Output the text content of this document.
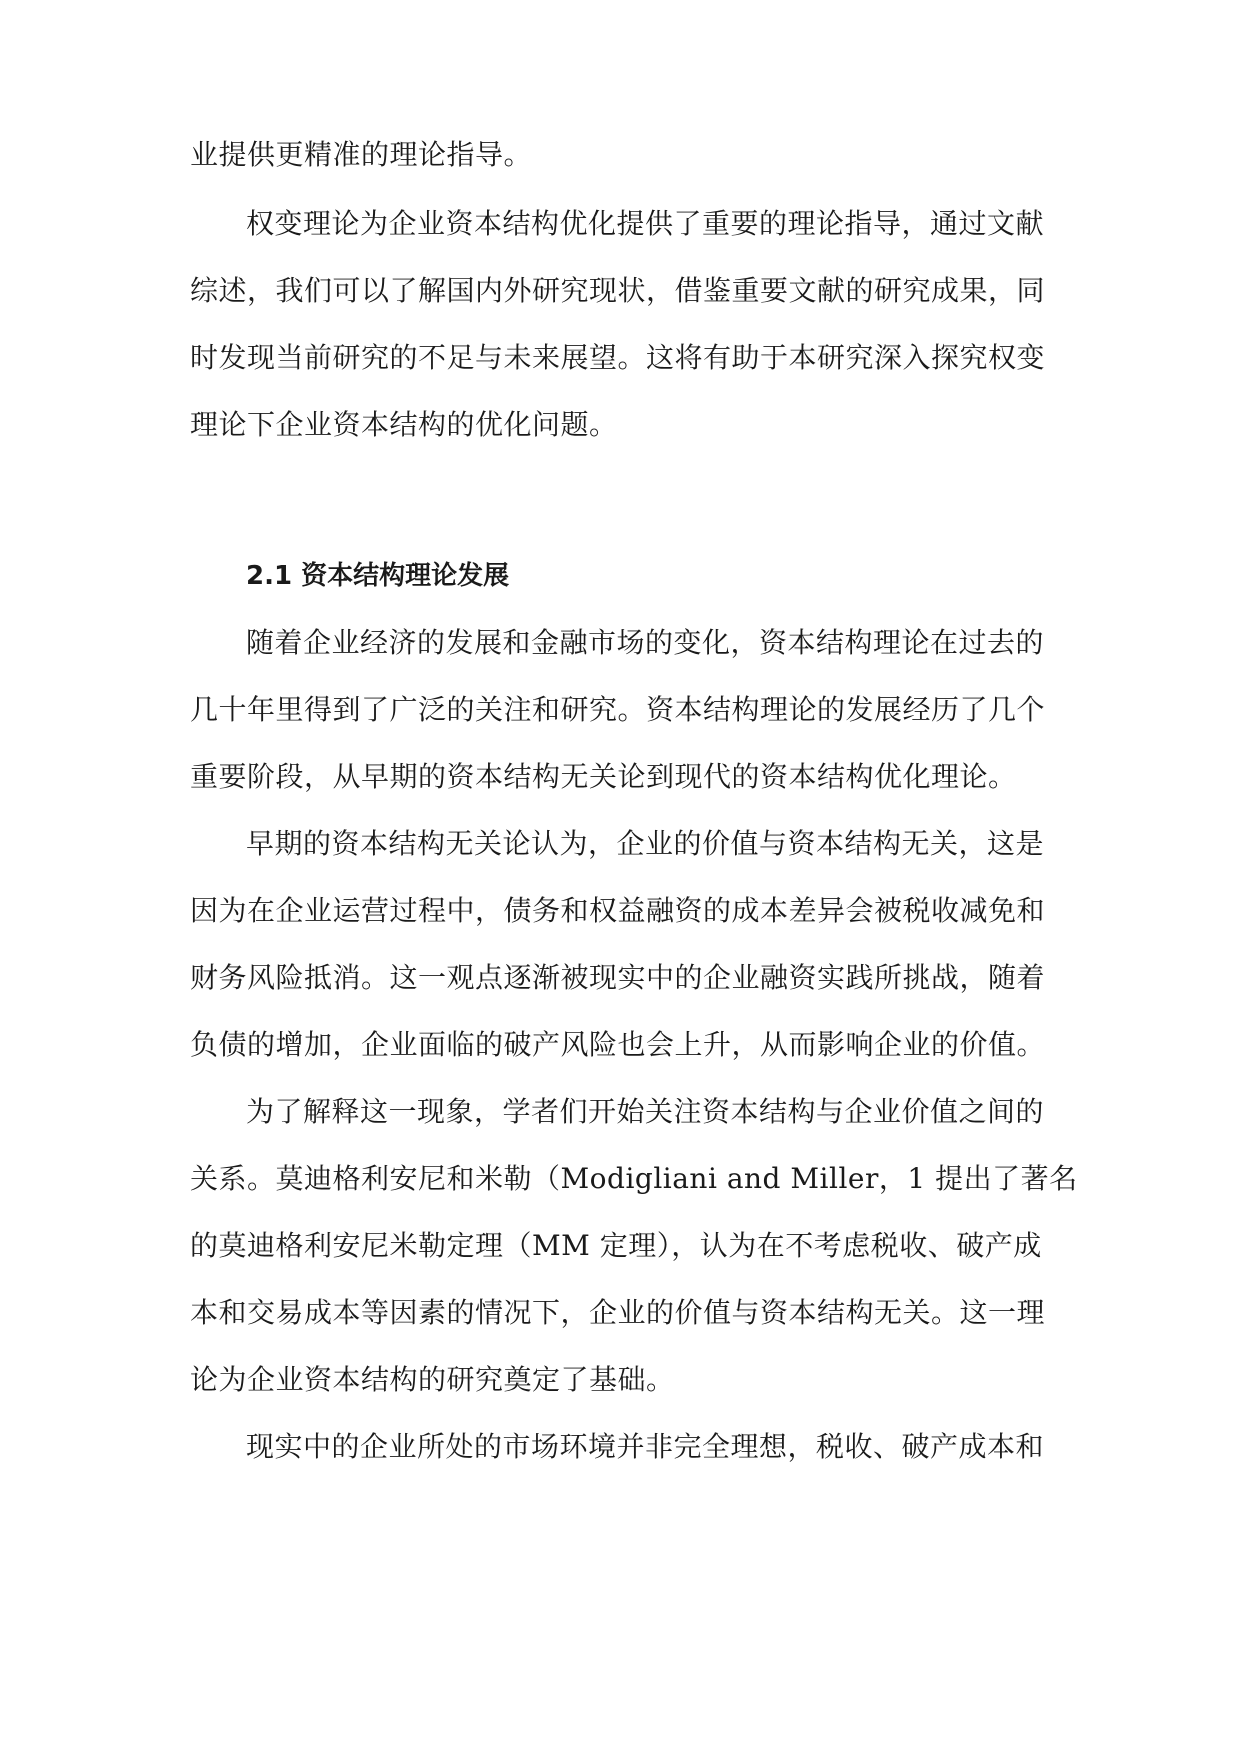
业提供更精准的理论指导。
权变理论为企业资本结构优化提供了重要的理论指导，通过文献
综述，我们可以了解国内外研究现状，借鉴重要文献的研究成果，同
时发现当前研究的不足与未来展望。这将有助于本研究深入探究权变
理论下企业资本结构的优化问题。
2.1 资本结构理论发展
随着企业经济的发展和金融市场的变化，资本结构理论在过去的
几十年里得到了广泛的关注和研究。资本结构理论的发展经历了几个
重要阶段，从早期的资本结构无关论到现代的资本结构优化理论。
早期的资本结构无关论认为，企业的价值与资本结构无关，这是
因为在企业运营过程中，债务和权益融资的成本差异会被税收减免和
财务风险抵消。这一观点逐渐被现实中的企业融资实践所挑战，随着
负债的增加，企业面临的破产风险也会上升，从而影响企业的价值。
为了解释这一现象，学者们开始关注资本结构与企业价值之间的
关系。莫迪格利安尼和米勒（Modigliani and Miller，1 提出了著名
的莫迪格利安尼米勒定理（MM 定理），认为在不考虑税收、破产成
本和交易成本等因素的情况下，企业的价值与资本结构无关。这一理
论为企业资本结构的研究奠定了基础。
现实中的企业所处的市场环境并非完全理想，税收、破产成本和
